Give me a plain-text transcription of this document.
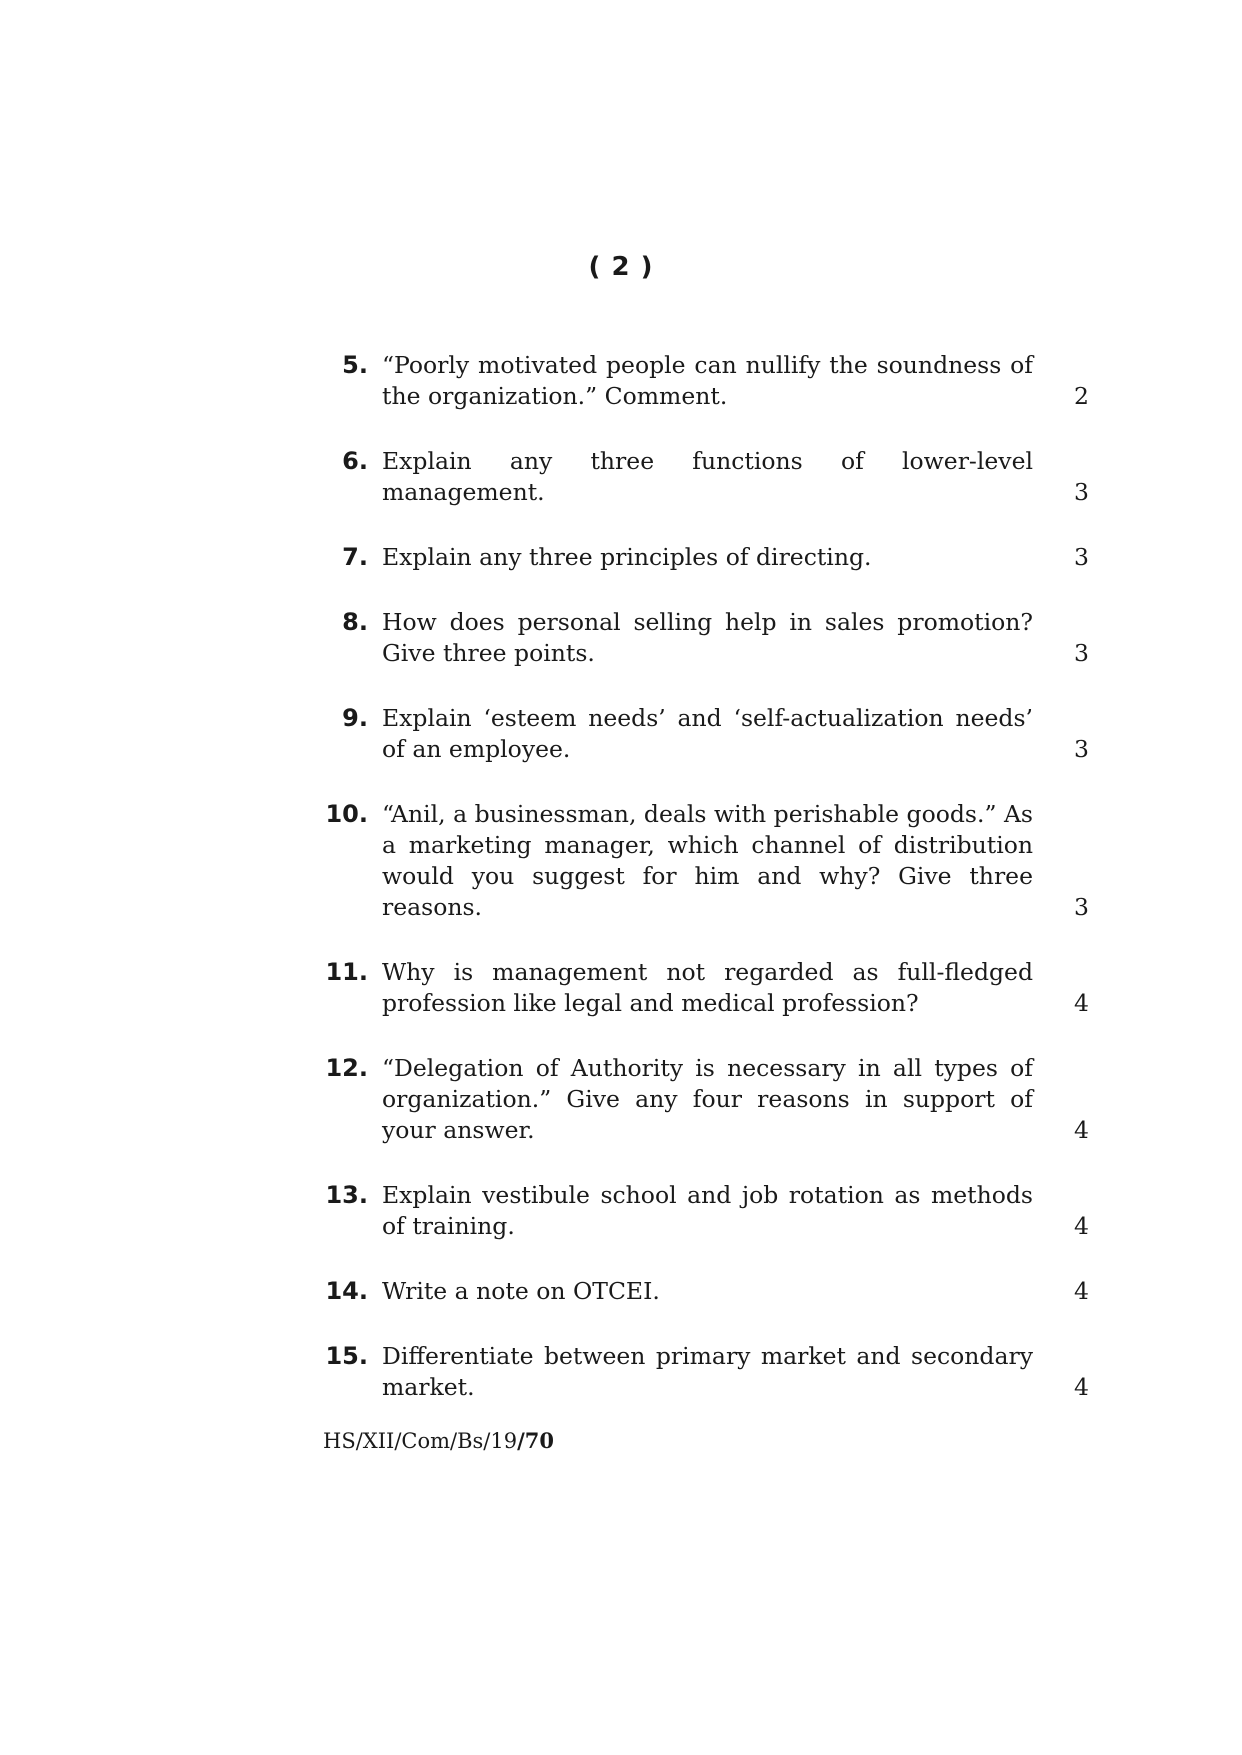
( 2 )
5. “Poorly motivated people can nullify the soundness of the organization.” Comment.	2
6. Explain any three functions of lower-level management.	3
7. Explain any three principles of directing.	3
8. How does personal selling help in sales promotion? Give three points.	3
9. Explain ‘esteem needs’ and ‘self-actualization needs’ of an employee.	3
10. “Anil, a businessman, deals with perishable goods.” As a marketing manager, which channel of distribution would you suggest for him and why? Give three reasons.	3
11. Why is management not regarded as full-fledged profession like legal and medical profession?	4
12. “Delegation of Authority is necessary in all types of organization.” Give any four reasons in support of your answer.	4
13. Explain vestibule school and job rotation as methods of training.	4
14. Write a note on OTCEI.	4
15. Differentiate between primary market and secondary market.	4
HS/XII/Com/Bs/19/70
